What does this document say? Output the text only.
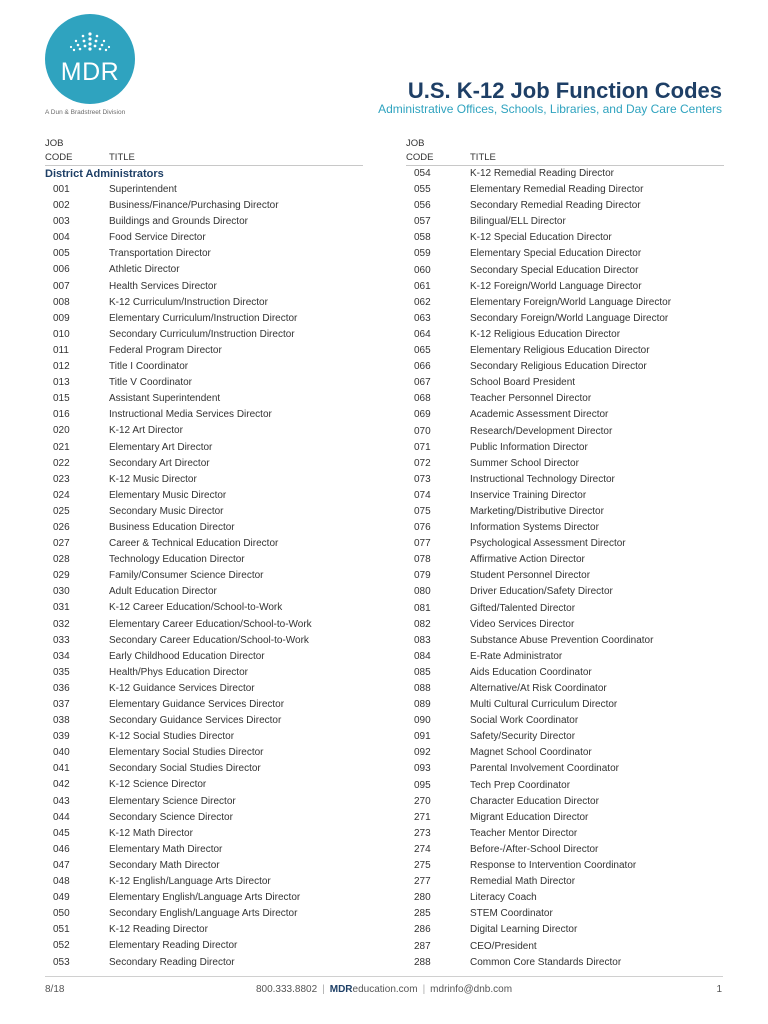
MDR
A Dun & Bradstreet Division
U.S. K-12 Job Function Codes
Administrative Offices, Schools, Libraries, and Day Care Centers
JOB
CODE	TITLE
District Administrators
001	Superintendent
002	Business/Finance/Purchasing Director
003	Buildings and Grounds Director
004	Food Service Director
005	Transportation Director
006	Athletic Director
007	Health Services Director
008	K-12 Curriculum/Instruction Director
009	Elementary Curriculum/Instruction Director
010	Secondary Curriculum/Instruction Director
011	Federal Program Director
012	Title I Coordinator
013	Title V Coordinator
015	Assistant Superintendent
016	Instructional Media Services Director
020	K-12 Art Director
021	Elementary Art Director
022	Secondary Art Director
023	K-12 Music Director
024	Elementary Music Director
025	Secondary Music Director
026	Business Education Director
027	Career & Technical Education Director
028	Technology Education Director
029	Family/Consumer Science Director
030	Adult Education Director
031	K-12 Career Education/School-to-Work
032	Elementary Career Education/School-to-Work
033	Secondary Career Education/School-to-Work
034	Early Childhood Education Director
035	Health/Phys Education Director
036	K-12 Guidance Services Director
037	Elementary Guidance Services Director
038	Secondary Guidance Services Director
039	K-12 Social Studies Director
040	Elementary Social Studies Director
041	Secondary Social Studies Director
042	K-12 Science Director
043	Elementary Science Director
044	Secondary Science Director
045	K-12 Math Director
046	Elementary Math Director
047	Secondary Math Director
048	K-12 English/Language Arts Director
049	Elementary English/Language Arts Director
050	Secondary English/Language Arts Director
051	K-12 Reading Director
052	Elementary Reading Director
053	Secondary Reading Director
JOB
CODE	TITLE
054	K-12 Remedial Reading Director
055	Elementary Remedial Reading Director
056	Secondary Remedial Reading Director
057	Bilingual/ELL Director
058	K-12 Special Education Director
059	Elementary Special Education Director
060	Secondary Special Education Director
061	K-12 Foreign/World Language Director
062	Elementary Foreign/World Language Director
063	Secondary Foreign/World Language Director
064	K-12 Religious Education Director
065	Elementary Religious Education Director
066	Secondary Religious Education Director
067	School Board President
068	Teacher Personnel Director
069	Academic Assessment Director
070	Research/Development Director
071	Public Information Director
072	Summer School Director
073	Instructional Technology Director
074	Inservice Training Director
075	Marketing/Distributive Director
076	Information Systems Director
077	Psychological Assessment Director
078	Affirmative Action Director
079	Student Personnel Director
080	Driver Education/Safety Director
081	Gifted/Talented Director
082	Video Services Director
083	Substance Abuse Prevention Coordinator
084	E-Rate Administrator
085	Aids Education Coordinator
088	Alternative/At Risk Coordinator
089	Multi Cultural Curriculum Director
090	Social Work Coordinator
091	Safety/Security Director
092	Magnet School Coordinator
093	Parental Involvement Coordinator
095	Tech Prep Coordinator
270	Character Education Director
271	Migrant Education Director
273	Teacher Mentor Director
274	Before-/After-School Director
275	Response to Intervention Coordinator
277	Remedial Math Director
280	Literacy Coach
285	STEM Coordinator
286	Digital Learning Director
287	CEO/President
288	Common Core Standards Director
8/18	800.333.8802 | MDReducation.com | mdrinfo@dnb.com	1
